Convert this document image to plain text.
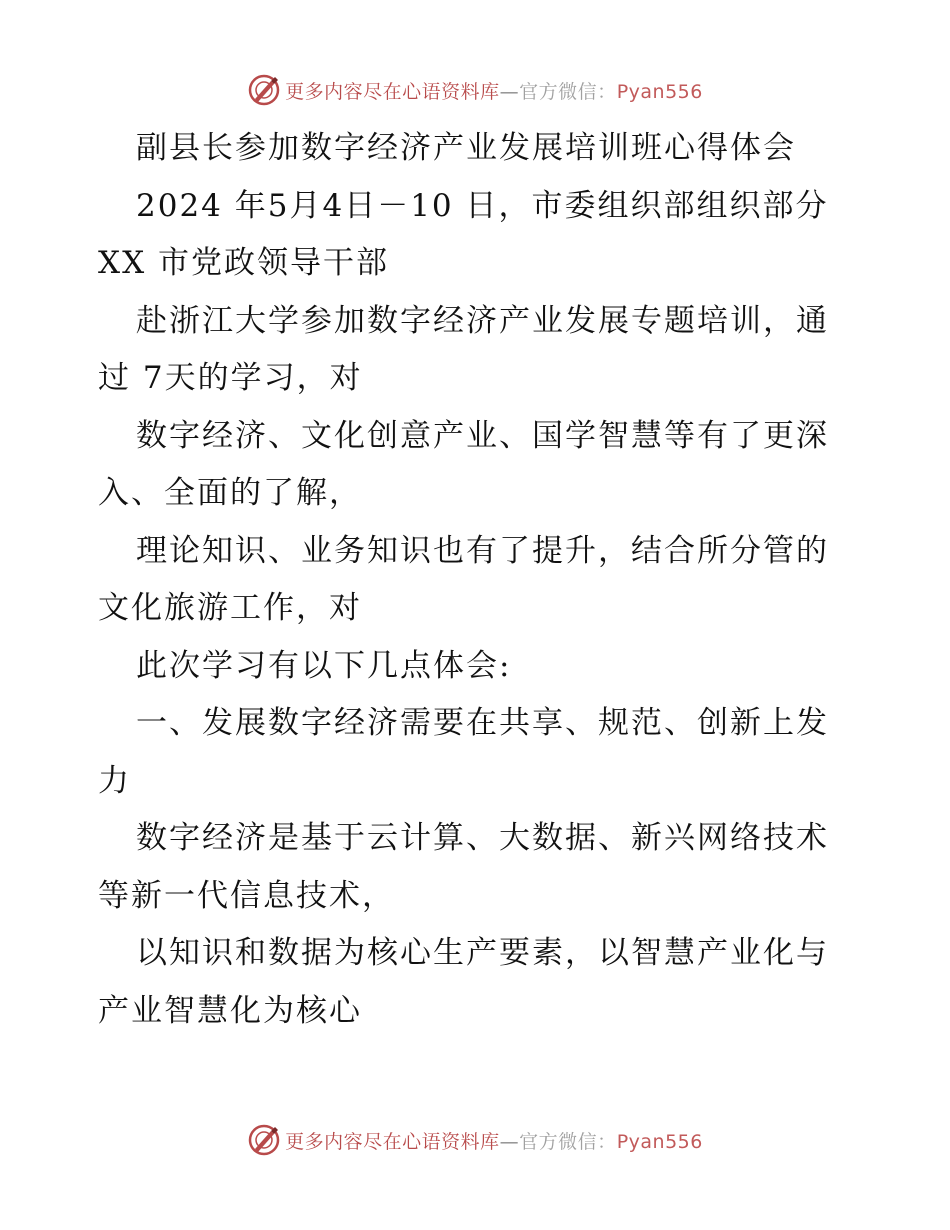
更多内容尽在心语资料库—官方微信：Pyan556

副县长参加数字经济产业发展培训班心得体会

2024 年5月4日－10 日，市委组织部组织部分XX 市党政领导干部

赴浙江大学参加数字经济产业发展专题培训，通过 7天的学习，对

数字经济、文化创意产业、国学智慧等有了更深入、全面的了解，

理论知识、业务知识也有了提升，结合所分管的文化旅游工作，对

此次学习有以下几点体会:

一、发展数字经济需要在共享、规范、创新上发力

数字经济是基于云计算、大数据、新兴网络技术等新一代信息技术，

以知识和数据为核心生产要素，以智慧产业化与产业智慧化为核心

更多内容尽在心语资料库—官方微信：Pyan556
